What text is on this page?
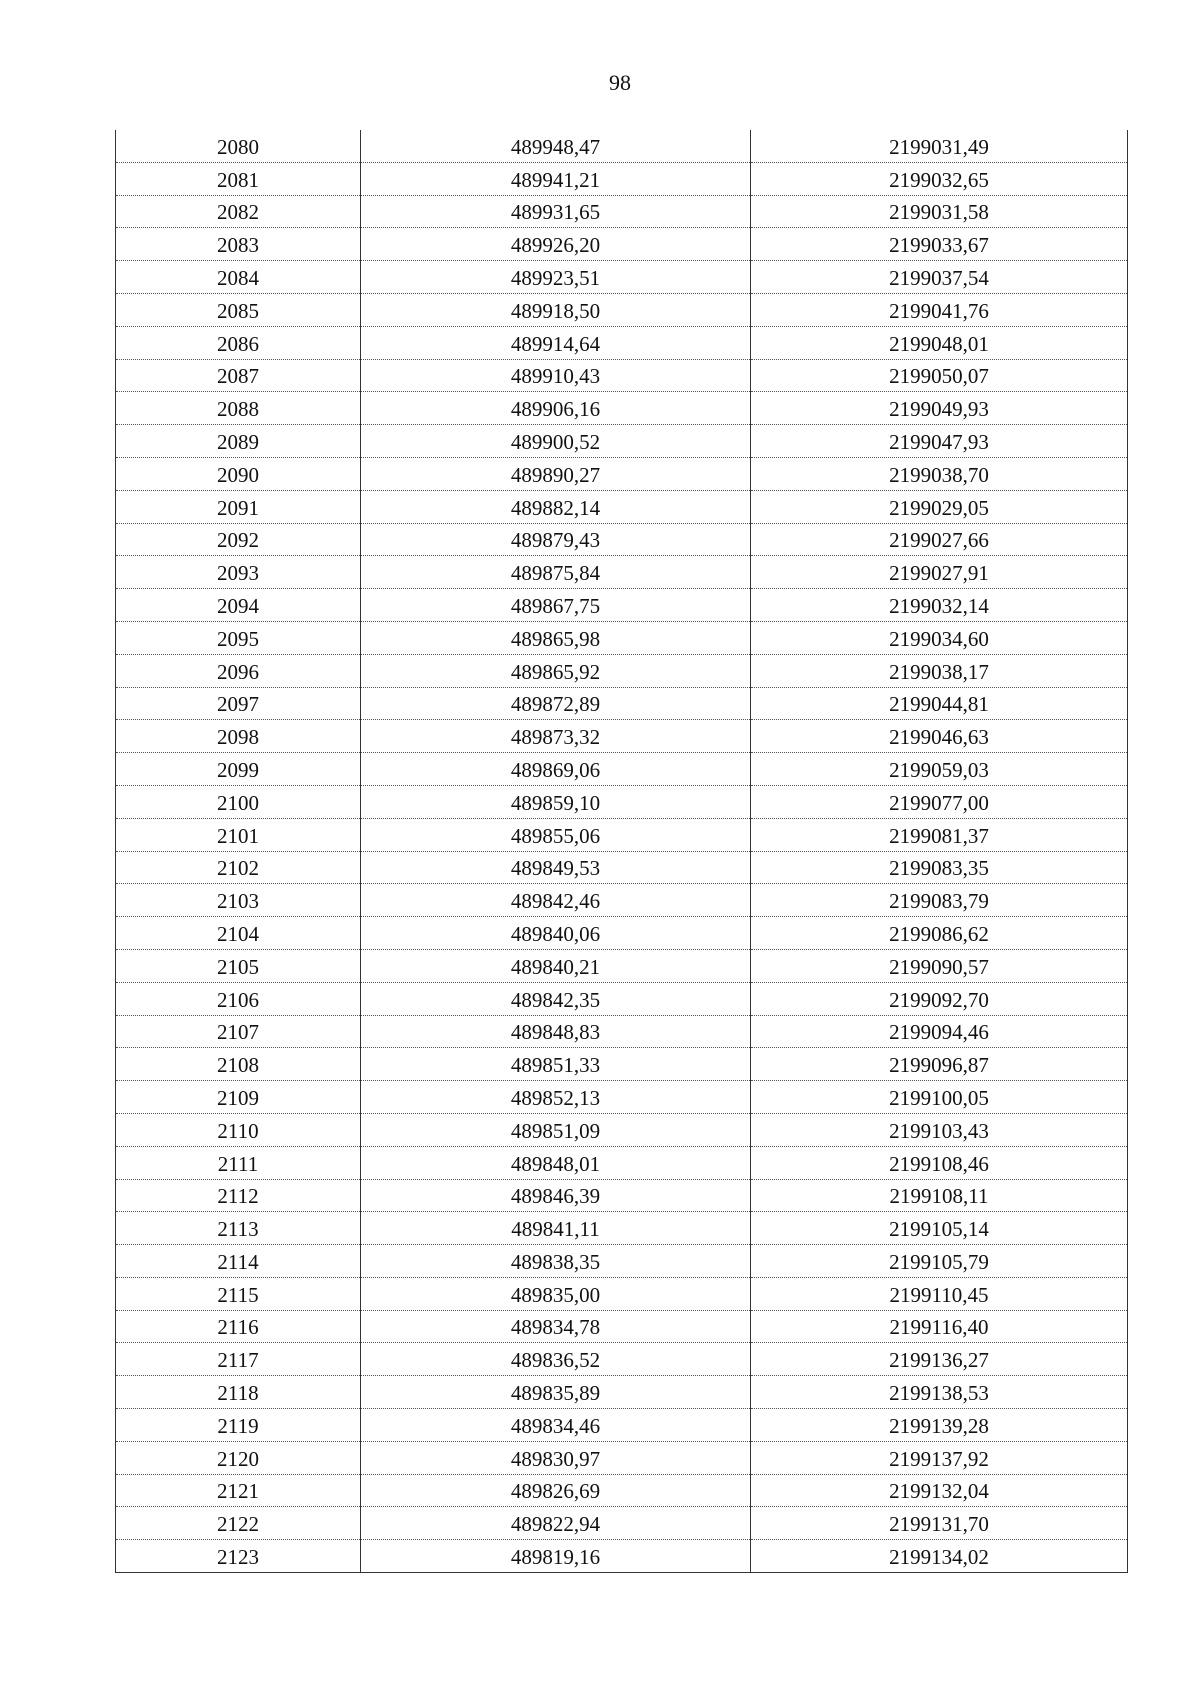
98
2080	489948,47	2199031,49
2081	489941,21	2199032,65
2082	489931,65	2199031,58
2083	489926,20	2199033,67
2084	489923,51	2199037,54
2085	489918,50	2199041,76
2086	489914,64	2199048,01
2087	489910,43	2199050,07
2088	489906,16	2199049,93
2089	489900,52	2199047,93
2090	489890,27	2199038,70
2091	489882,14	2199029,05
2092	489879,43	2199027,66
2093	489875,84	2199027,91
2094	489867,75	2199032,14
2095	489865,98	2199034,60
2096	489865,92	2199038,17
2097	489872,89	2199044,81
2098	489873,32	2199046,63
2099	489869,06	2199059,03
2100	489859,10	2199077,00
2101	489855,06	2199081,37
2102	489849,53	2199083,35
2103	489842,46	2199083,79
2104	489840,06	2199086,62
2105	489840,21	2199090,57
2106	489842,35	2199092,70
2107	489848,83	2199094,46
2108	489851,33	2199096,87
2109	489852,13	2199100,05
2110	489851,09	2199103,43
2111	489848,01	2199108,46
2112	489846,39	2199108,11
2113	489841,11	2199105,14
2114	489838,35	2199105,79
2115	489835,00	2199110,45
2116	489834,78	2199116,40
2117	489836,52	2199136,27
2118	489835,89	2199138,53
2119	489834,46	2199139,28
2120	489830,97	2199137,92
2121	489826,69	2199132,04
2122	489822,94	2199131,70
2123	489819,16	2199134,02
